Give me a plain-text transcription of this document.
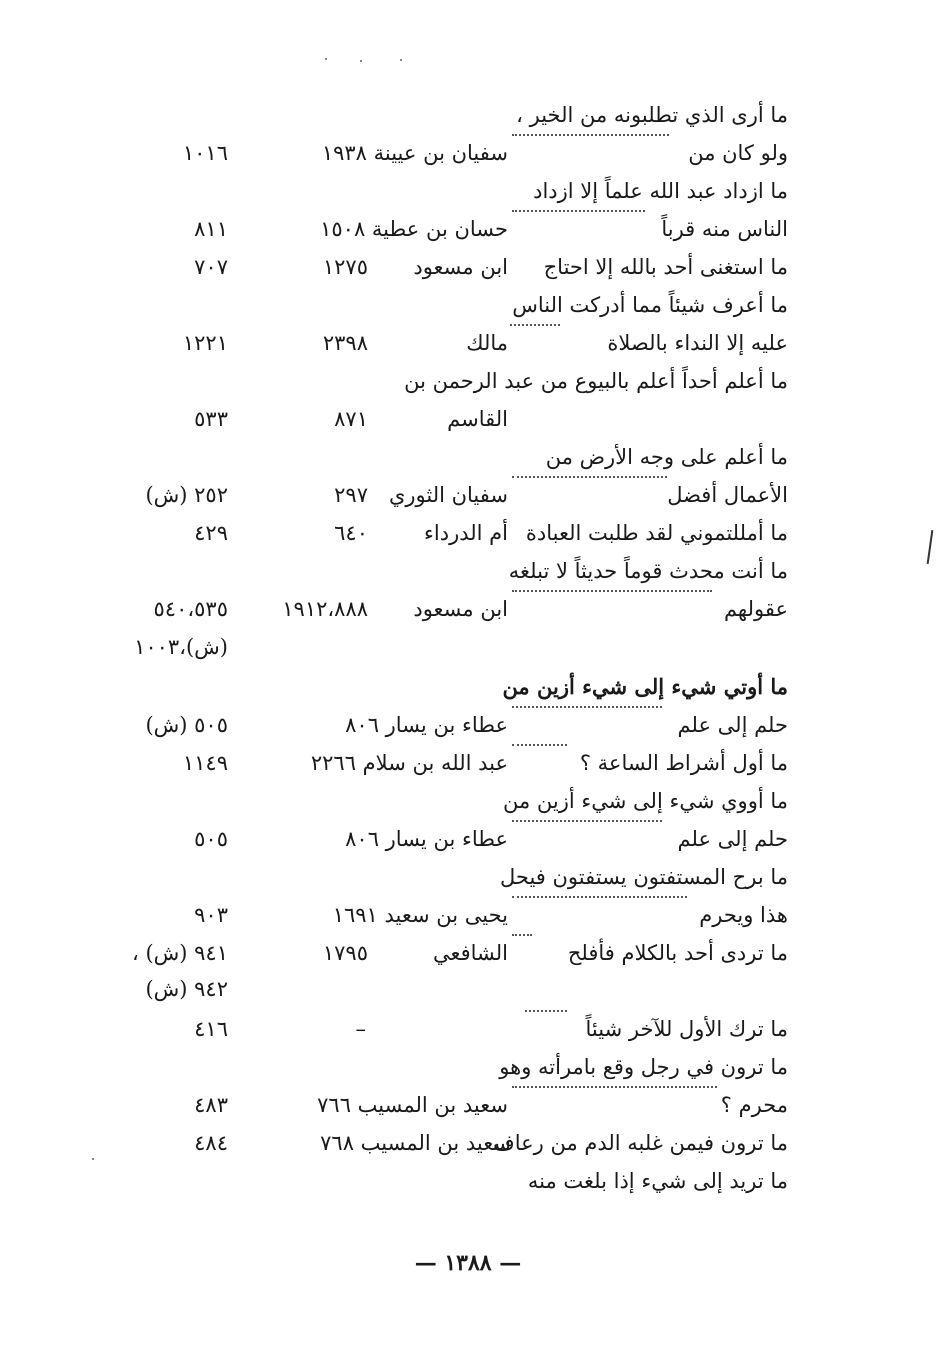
ما أرى الذي تطلبونه من الخير ،
ولو كان من
سفيان بن عيينة ١٩٣٨
١٠١٦
ما ازداد عبد الله علماً إلا ازداد
الناس منه قرباً
حسان بن عطية ١٥٠٨
٨١١
ما استغنى أحد بالله إلا احتاج
ابن مسعود
١٢٧٥
٧٠٧
ما أعرف شيئاً مما أدركت الناس
عليه إلا النداء بالصلاة
مالك
٢٣٩٨
١٢٢١
ما أعلم أحداً أعلم بالبيوع من عبد الرحمن بن
القاسم
٨٧١
٥٣٣
ما أعلم على وجه الأرض من
الأعمال أفضل
سفيان الثوري
٢٩٧
٢٥٢ (ش)
ما أمللتموني لقد طلبت العبادة
أم الدرداء
٦٤٠
٤٢٩
ما أنت محدث قوماً حديثاً لا تبلغه
عقولهم
ابن مسعود
١٩١٢،٨٨٨
٥٤٠،٥٣٥
(ش)،١٠٠٣
ما أوتي شيء إلى شيء أزين من
حلم إلى علم
عطاء بن يسار ٨٠٦
٥٠٥ (ش)
ما أول أشراط الساعة ؟
عبد الله بن سلام ٢٢٦٦
١١٤٩
ما أووي شيء إلى شيء أزين من
حلم إلى علم
عطاء بن يسار ٨٠٦
٥٠٥
ما برح المستفتون يستفتون فيحل
هذا ويحرم
يحيى بن سعيد ١٦٩١
٩٠٣
ما تردى أحد بالكلام فأفلح
الشافعي
١٧٩٥
٩٤١ (ش) ،
٩٤٢ (ش)
ما ترك الأول للآخر شيئاً
–
٤١٦
ما ترون في رجل وقع بامرأته وهو
محرم ؟
سعيد بن المسيب ٧٦٦
٤٨٣
ما ترون فيمن غلبه الدم من رعاف
سعيد بن المسيب ٧٦٨
٤٨٤
ما تريد إلى شيء إذا بلغت منه
— ١٣٨٨ —
